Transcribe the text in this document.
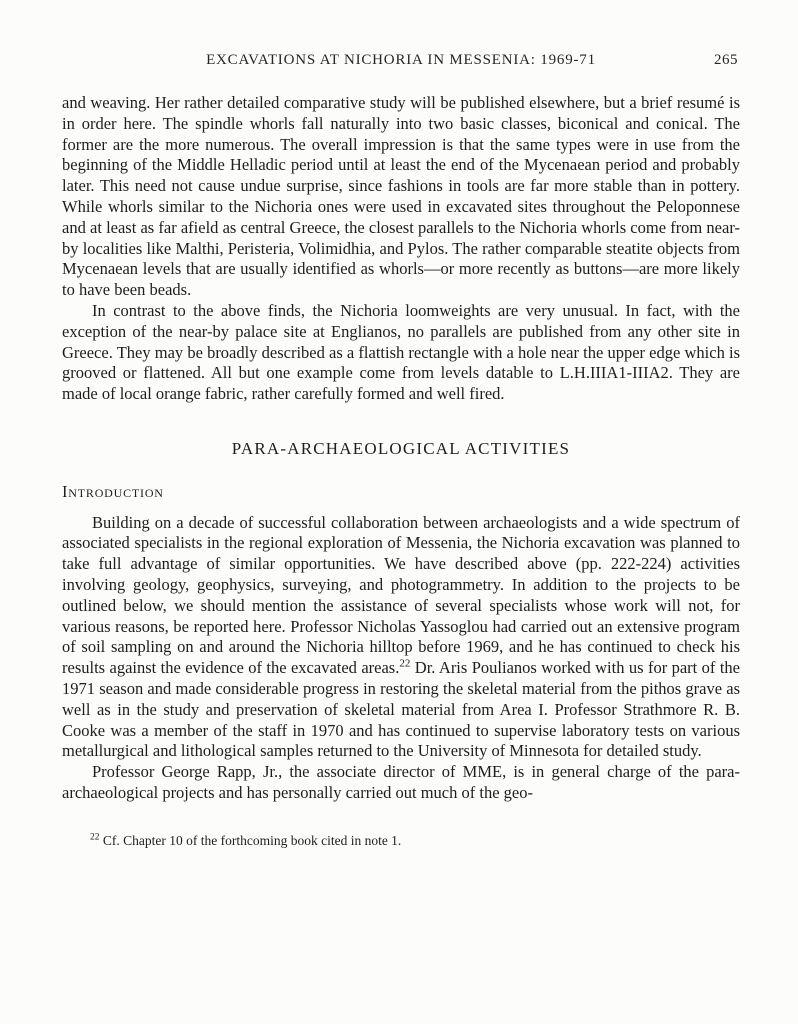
EXCAVATIONS AT NICHORIA IN MESSENIA: 1969-71	265

and weaving. Her rather detailed comparative study will be published elsewhere, but a brief resumé is in order here. The spindle whorls fall naturally into two basic classes, biconical and conical. The former are the more numerous. The overall impression is that the same types were in use from the beginning of the Middle Helladic period until at least the end of the Mycenaean period and probably later. This need not cause undue surprise, since fashions in tools are far more stable than in pottery. While whorls similar to the Nichoria ones were used in excavated sites throughout the Peloponnese and at least as far afield as central Greece, the closest parallels to the Nichoria whorls come from near-by localities like Malthi, Peristeria, Volimidhia, and Pylos. The rather comparable steatite objects from Mycenaean levels that are usually identified as whorls—or more recently as buttons—are more likely to have been beads.

In contrast to the above finds, the Nichoria loomweights are very unusual. In fact, with the exception of the near-by palace site at Englianos, no parallels are published from any other site in Greece. They may be broadly described as a flattish rectangle with a hole near the upper edge which is grooved or flattened. All but one example come from levels datable to L.H.IIIA1-IIIA2. They are made of local orange fabric, rather carefully formed and well fired.

PARA-ARCHAEOLOGICAL ACTIVITIES
Introduction

Building on a decade of successful collaboration between archaeologists and a wide spectrum of associated specialists in the regional exploration of Messenia, the Nichoria excavation was planned to take full advantage of similar opportunities. We have described above (pp. 222-224) activities involving geology, geophysics, surveying, and photogrammetry. In addition to the projects to be outlined below, we should mention the assistance of several specialists whose work will not, for various reasons, be reported here. Professor Nicholas Yassoglou had carried out an extensive program of soil sampling on and around the Nichoria hilltop before 1969, and he has continued to check his results against the evidence of the excavated areas.$^{22}$ Dr. Aris Poulianos worked with us for part of the 1971 season and made considerable progress in restoring the skeletal material from the pithos grave as well as in the study and preservation of skeletal material from Area I. Professor Strathmore R. B. Cooke was a member of the staff in 1970 and has continued to supervise laboratory tests on various metallurgical and lithological samples returned to the University of Minnesota for detailed study.

Professor George Rapp, Jr., the associate director of MME, is in general charge of the para-archaeological projects and has personally carried out much of the geo-

$^{22}$ Cf. Chapter 10 of the forthcoming book cited in note 1.
